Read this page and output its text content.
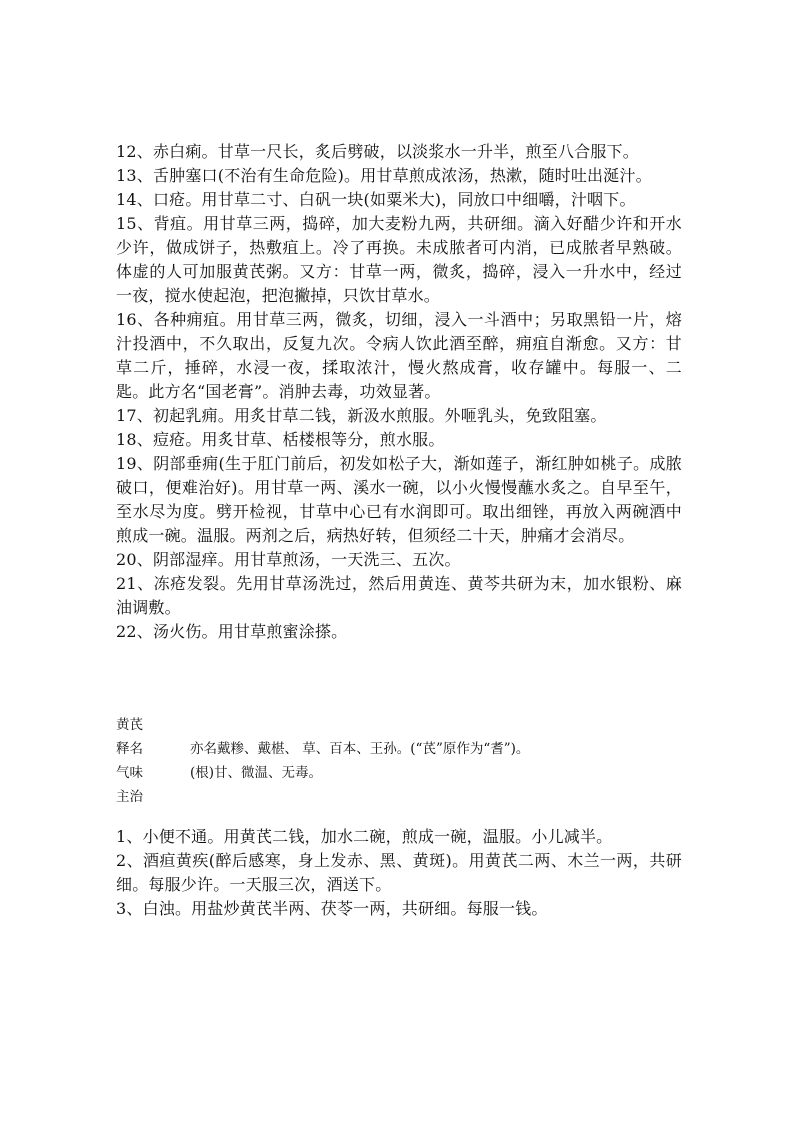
12、赤白痢。甘草一尺长，炙后劈破，以淡浆水一升半，煎至八合服下。

13、舌肿塞口(不治有生命危险)。用甘草煎成浓汤，热漱，随时吐出涎汁。

14、口疮。用甘草二寸、白矾一块(如粟米大)，同放口中细嚼，汁咽下。

15、背疽。用甘草三两，捣碎，加大麦粉九两，共研细。滴入好醋少许和开水少许，做成饼子，热敷疽上。冷了再换。未成脓者可内消，已成脓者早熟破。体虚的人可加服黄芪粥。又方：甘草一两，微炙，捣碎，浸入一升水中，经过一夜，搅水使起泡，把泡撇掉，只饮甘草水。

16、各种痈疽。用甘草三两，微炙，切细，浸入一斗酒中；另取黑铅一片，熔汁投酒中，不久取出，反复九次。令病人饮此酒至醉，痈疽自渐愈。又方：甘草二斤，捶碎，水浸一夜，揉取浓汁，慢火熬成膏，收存罐中。每服一、二匙。此方名“国老膏”。消肿去毒，功效显著。

17、初起乳痈。用炙甘草二钱，新汲水煎服。外咂乳头，免致阻塞。

18、痘疮。用炙甘草、栝楼根等分，煎水服。

19、阴部垂痈(生于肛门前后，初发如松子大，渐如莲子，渐红肿如桃子。成脓破口，便难治好)。用甘草一两、溪水一碗，以小火慢慢蘸水炙之。自早至午，至水尽为度。劈开检视，甘草中心已有水润即可。取出细锉，再放入两碗酒中煎成一碗。温服。两剂之后，病热好转，但须经二十天，肿痛才会消尽。

20、阴部湿痒。用甘草煎汤，一天洗三、五次。

21、冻疮发裂。先用甘草汤洗过，然后用黄连、黄芩共研为末，加水银粉、麻油调敷。

22、汤火伤。用甘草煎蜜涂搽。

黄芪

释名	亦名戴糁、戴椹、 草、百本、王孙。(“芪”原作为“耆”)。
气味	(根)甘、微温、无毒。

主治

1、小便不通。用黄芪二钱，加水二碗，煎成一碗，温服。小儿减半。

2、酒疸黄疾(醉后感寒，身上发赤、黑、黄斑)。用黄芪二两、木兰一两，共研细。每服少许。一天服三次，酒送下。

3、白浊。用盐炒黄芪半两、茯苓一两，共研细。每服一钱。
